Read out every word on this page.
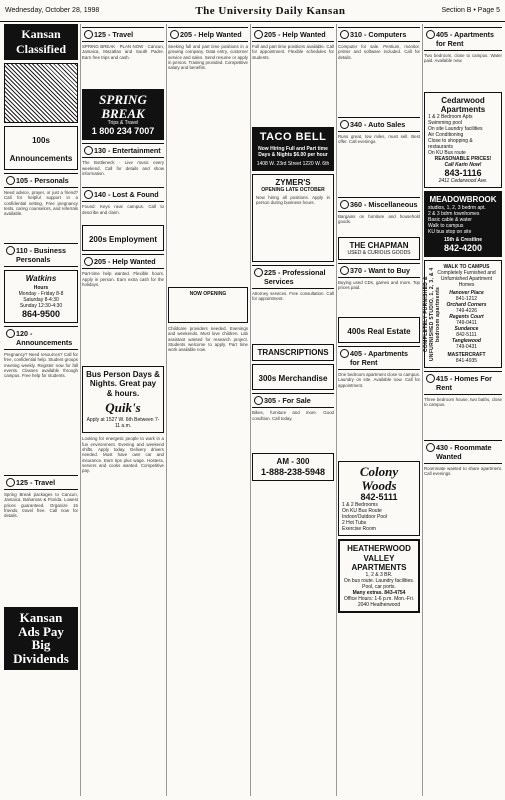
Wednesday, October 28, 1998	The University Daily Kansan	Section B • Page 5
Kansan Classified
100s Announcements
105 - Personals
Need advice, prayer, or just a friend? Call for helpful support in a confidential setting. Free pregnancy tests, caring counselors, and referrals available.
110 - Business Personals
Watkins
Hours
Monday - Friday 8-8
Saturday 8-4:30
Sunday 12:30-4:30
864-9500
120 - Announcements
Pregnancy? Need resources? Call for free, confidential help. Student groups meeting weekly. Register now for fall events. Classes available through campus. Free help for students.
125 - Travel
Spring Break packages to Cancun, Jamaica, Bahamas & Florida. Lowest prices guaranteed. Organize 15 friends, travel free. Call now for details.
Kansan
Ads Pay
Big Dividends
125 - Travel
SPRING BREAK · PLAN NOW · Cancun, Jamaica, Mazatlan and South Padre. Earn free trips and cash.
SPRING BREAK
Trips & Travel
1 800 234 7007
130 - Entertainment
The Bottleneck · Live music every weekend. Call for details and show information.
140 - Lost & Found
Found: Keys near campus. Call to describe and claim.
200s Employment
205 - Help Wanted
Part-time help wanted. Flexible hours. Apply in person. Earn extra cash for the holidays.
Bus Person Days & Nights. Great pay & hours.
Quik's
Apply at 1527 W. 6th Between 7-11 a.m.
Looking for energetic people to work in a fun environment. Evening and weekend shifts. Apply today. Delivery drivers needed. Must have own car and insurance. Earn tips plus wage. Hostess, servers and cooks wanted. Competitive pay.
205 - Help Wanted
Seeking full and part time positions in a growing company. Data entry, customer service and sales. Send resume or apply in person. Training provided. Competitive salary and benefits.
NOW OPENING
Childcare providers needed. Evenings and weekends. Must love children. Lab assistant wanted for research project. Students welcome to apply. Part time work available now.
205 - Help Wanted
Full and part time positions available. Call for appointment. Flexible schedules for students.
TACO BELL
Now Hiring Full and Part time Days & Nights $6.00 per hour
1408 W. 23rd Street 1220 W. 6th
ZYMER'S
OPENING LATE OCTOBER
Now hiring all positions. Apply in person during business hours.
225 - Professional Services
Attorney services. Free consultation. Call for appointment.
TRANSCRIPTIONS
300s Merchandise
305 - For Sale
Bikes, furniture and more. Good condition. Call today.
AM - 300
1-888-238-5948
310 - Computers
Computer for sale. Pentium, monitor, printer and software included. Call for details.
340 - Auto Sales
Runs great, low miles, must sell. Best offer. Call evenings.
360 - Miscellaneous
Bargains on furniture and household goods.
THE CHAPMAN
USED & CURIOUS GOODS
370 - Want to Buy
Buying used CDs, games and more. Top prices paid.
400s Real Estate
405 - Apartments for Rent
One bedroom apartment close to campus. Laundry on site. Available now. Call for appointment.
Colony Woods
842-5111
1 & 2 Bedrooms
On KU Bus Route
Indoor/Outdoor Pool
2 Hot Tubs
Exercise Room
HEATHERWOOD VALLEY APARTMENTS
1, 2 & 3 BR.
On bus route. Laundry facilities. Pool, car ports.
Many extras. 843-4754
Office Hours: 1-6 p.m. Mon.-Fri.
2040 Heatherwood
405 - Apartments for Rent
Two bedroom, close to campus. Water paid. Available now.
Cedarwood Apartments
1 & 2 Bedroom Apts
Swimming pool
On site Laundry facilities
Air Conditioning
Close to shopping & restaurants
On KU Bus route
REASONABLE PRICES!
Call Karin Now!
843-1116
2411 Cedarwood Ave.
MEADOWBROOK
studios, 1, 2, 3 bedrm apt.
2 & 3 bdrm townhomes
Basic cable & water
Walk to campus
KU bus stop on site
15th & Crestline
842-4200
COMPLETELY FURNISHED & UNFURNISHED STUDIO, 1, 2, 3, & 4 bedroom apartments
WALK TO CAMPUS
Completely Furnished and Unfurnished Apartment Homes
Hanover Place
841-1212
Orchard Corners
749-4226
Regents Court
749-0411
Sundance
842-5111
Tanglewood
749-0431
MASTERCRAFT
841-4935
415 - Homes For Rent
Three bedroom house, two baths, close to campus.
430 - Roommate Wanted
Roommate wanted to share apartment. Call evenings.
